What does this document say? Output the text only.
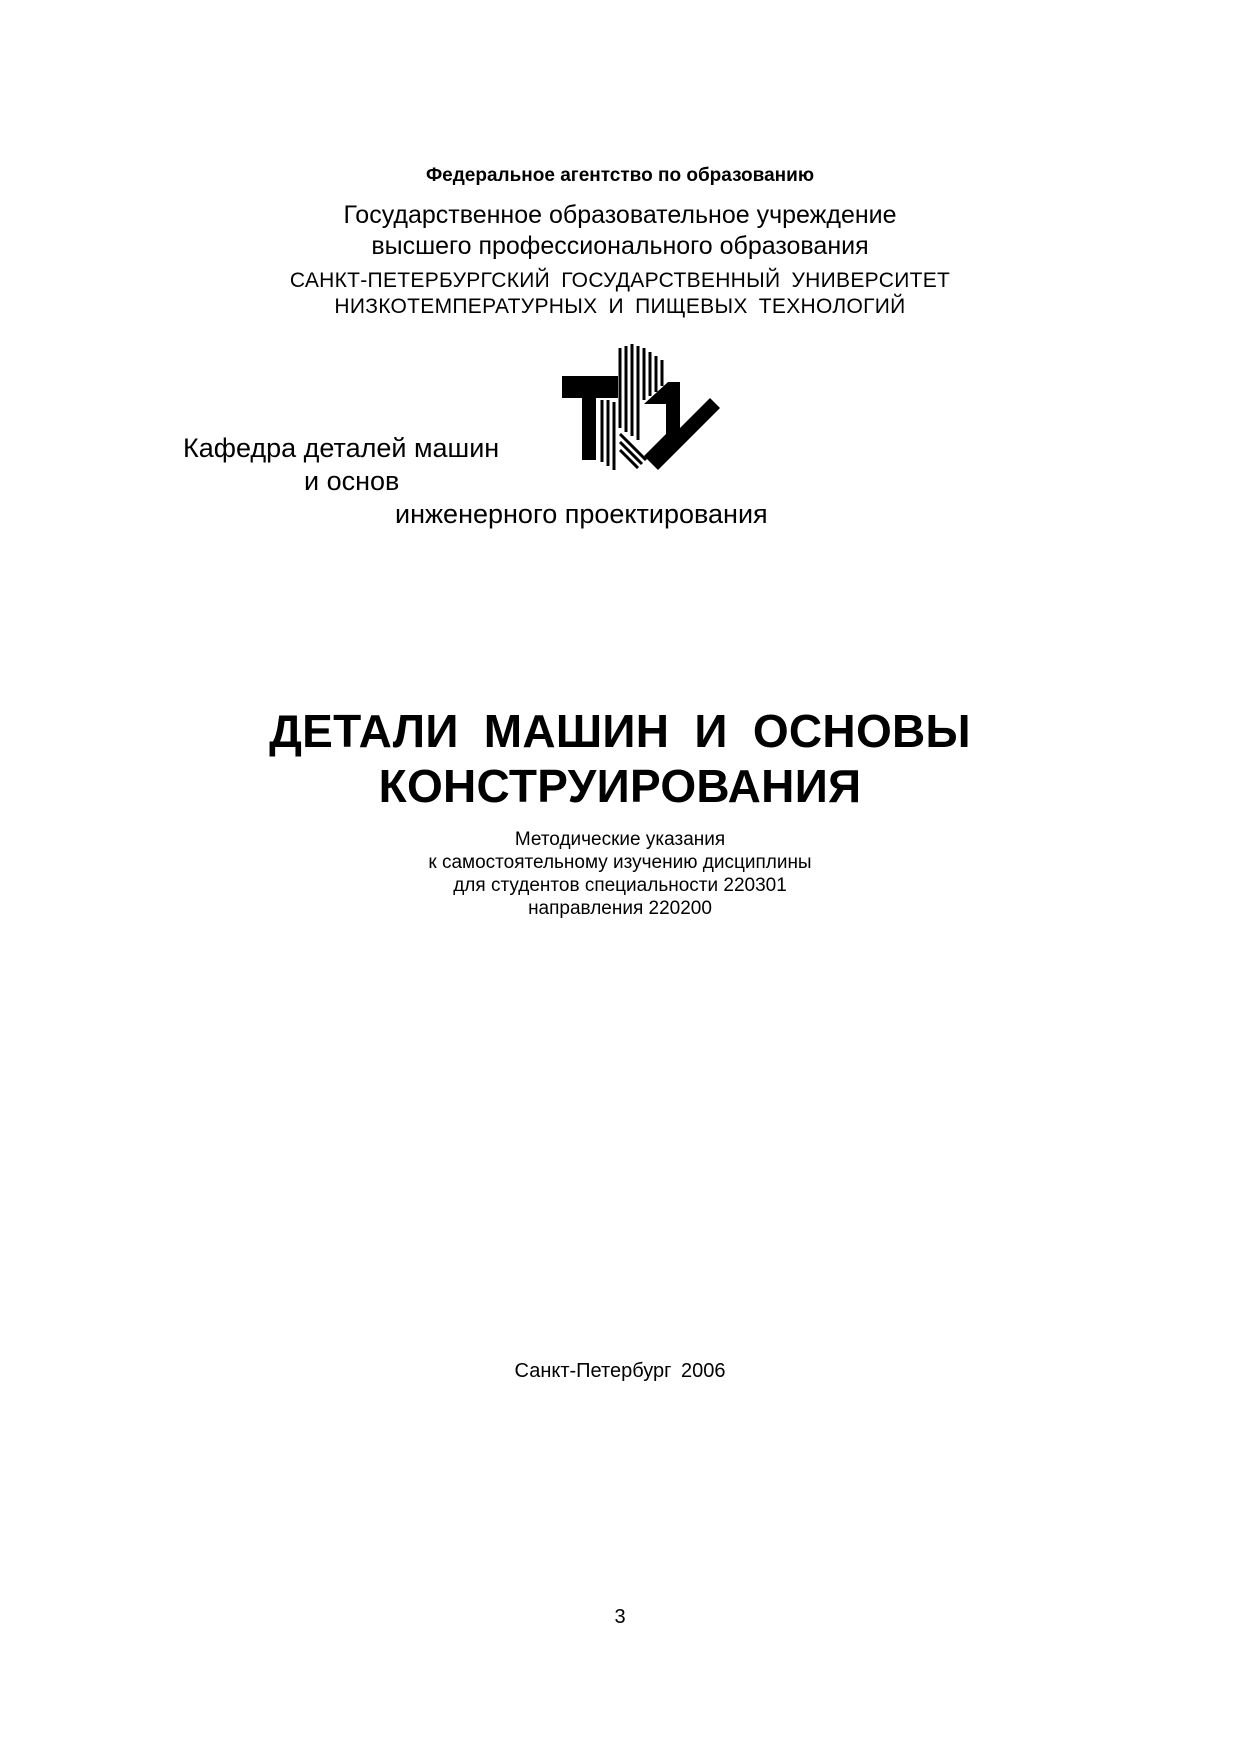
Федеральное агентство по образованию
Государственное образовательное учреждение
высшего профессионального образования
САНКТ-ПЕТЕРБУРГСКИЙ ГОСУДАРСТВЕННЫЙ УНИВЕРСИТЕТ
НИЗКОТЕМПЕРАТУРНЫХ И ПИЩЕВЫХ ТЕХНОЛОГИЙ
Кафедра деталей машин
и основ
инженерного проектирования
ДЕТАЛИ МАШИН И ОСНОВЫ
КОНСТРУИРОВАНИЯ
Методические указания
к самостоятельному изучению дисциплины
для студентов специальности 220301
направления 220200
Санкт-Петербург 2006
3
